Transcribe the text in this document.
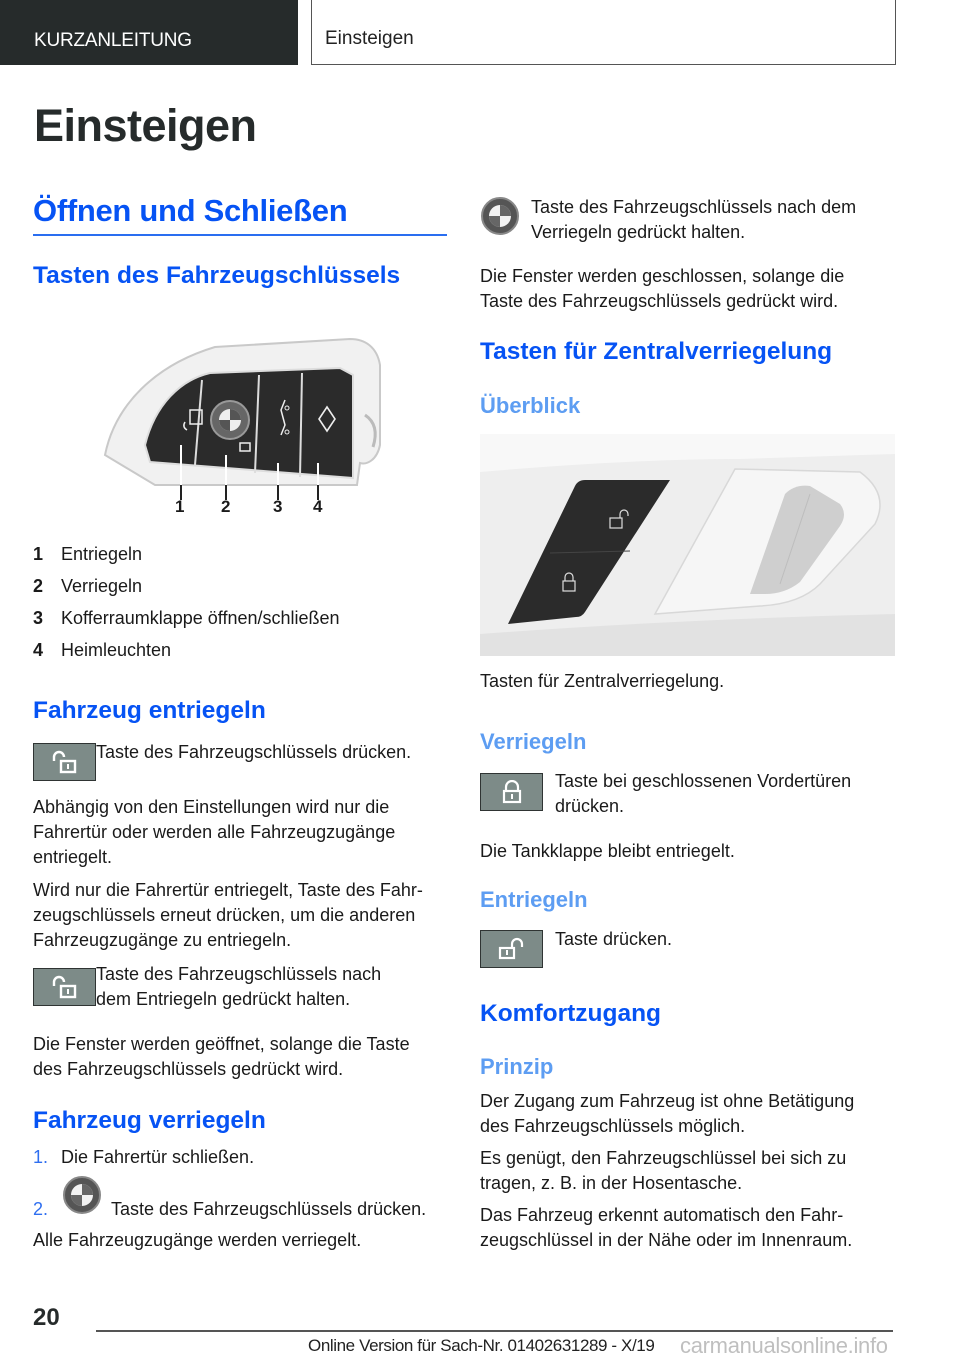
KURZANLEITUNG	Einsteigen
Einsteigen
Öffnen und Schließen
Tasten des Fahrzeugschlüssels
1 2	3 4
1 Entriegeln
2 Verriegeln
3 Kofferraumklappe öffnen/schließen
4 Heimleuchten
Fahrzeug entriegeln
Taste des Fahrzeugschlüssels drücken.
Abhängig von den Einstellungen wird nur die
Fahrertür oder werden alle Fahrzeugzugänge
entriegelt.
Wird nur die Fahrertür entriegelt, Taste des Fahr-
zeugschlüssels erneut drücken, um die anderen
Fahrzeugzugänge zu entriegeln.
Taste des Fahrzeugschlüssels nach
dem Entriegeln gedrückt halten.
Die Fenster werden geöffnet, solange die Taste
des Fahrzeugschlüssels gedrückt wird.
Fahrzeug verriegeln
1. Die Fahrertür schließen.
2.	Taste des Fahrzeugschlüssels drücken.
Alle Fahrzeugzugänge werden verriegelt.
Taste des Fahrzeugschlüssels nach dem
Verriegeln gedrückt halten.
Die Fenster werden geschlossen, solange die
Taste des Fahrzeugschlüssels gedrückt wird.
Tasten für Zentralverriegelung
Überblick
Tasten für Zentralverriegelung.
Verriegeln
Taste bei geschlossenen Vordertüren
drücken.
Die Tankklappe bleibt entriegelt.
Entriegeln
Taste drücken.
Komfortzugang
Prinzip
Der Zugang zum Fahrzeug ist ohne Betätigung
des Fahrzeugschlüssels möglich.
Es genügt, den Fahrzeugschlüssel bei sich zu
tragen, z. B. in der Hosentasche.
Das Fahrzeug erkennt automatisch den Fahr-
zeugschlüssel in der Nähe oder im Innenraum.
20
Online Version für Sach-Nr. 01402631289 - X/19 carmanualsonline.info
